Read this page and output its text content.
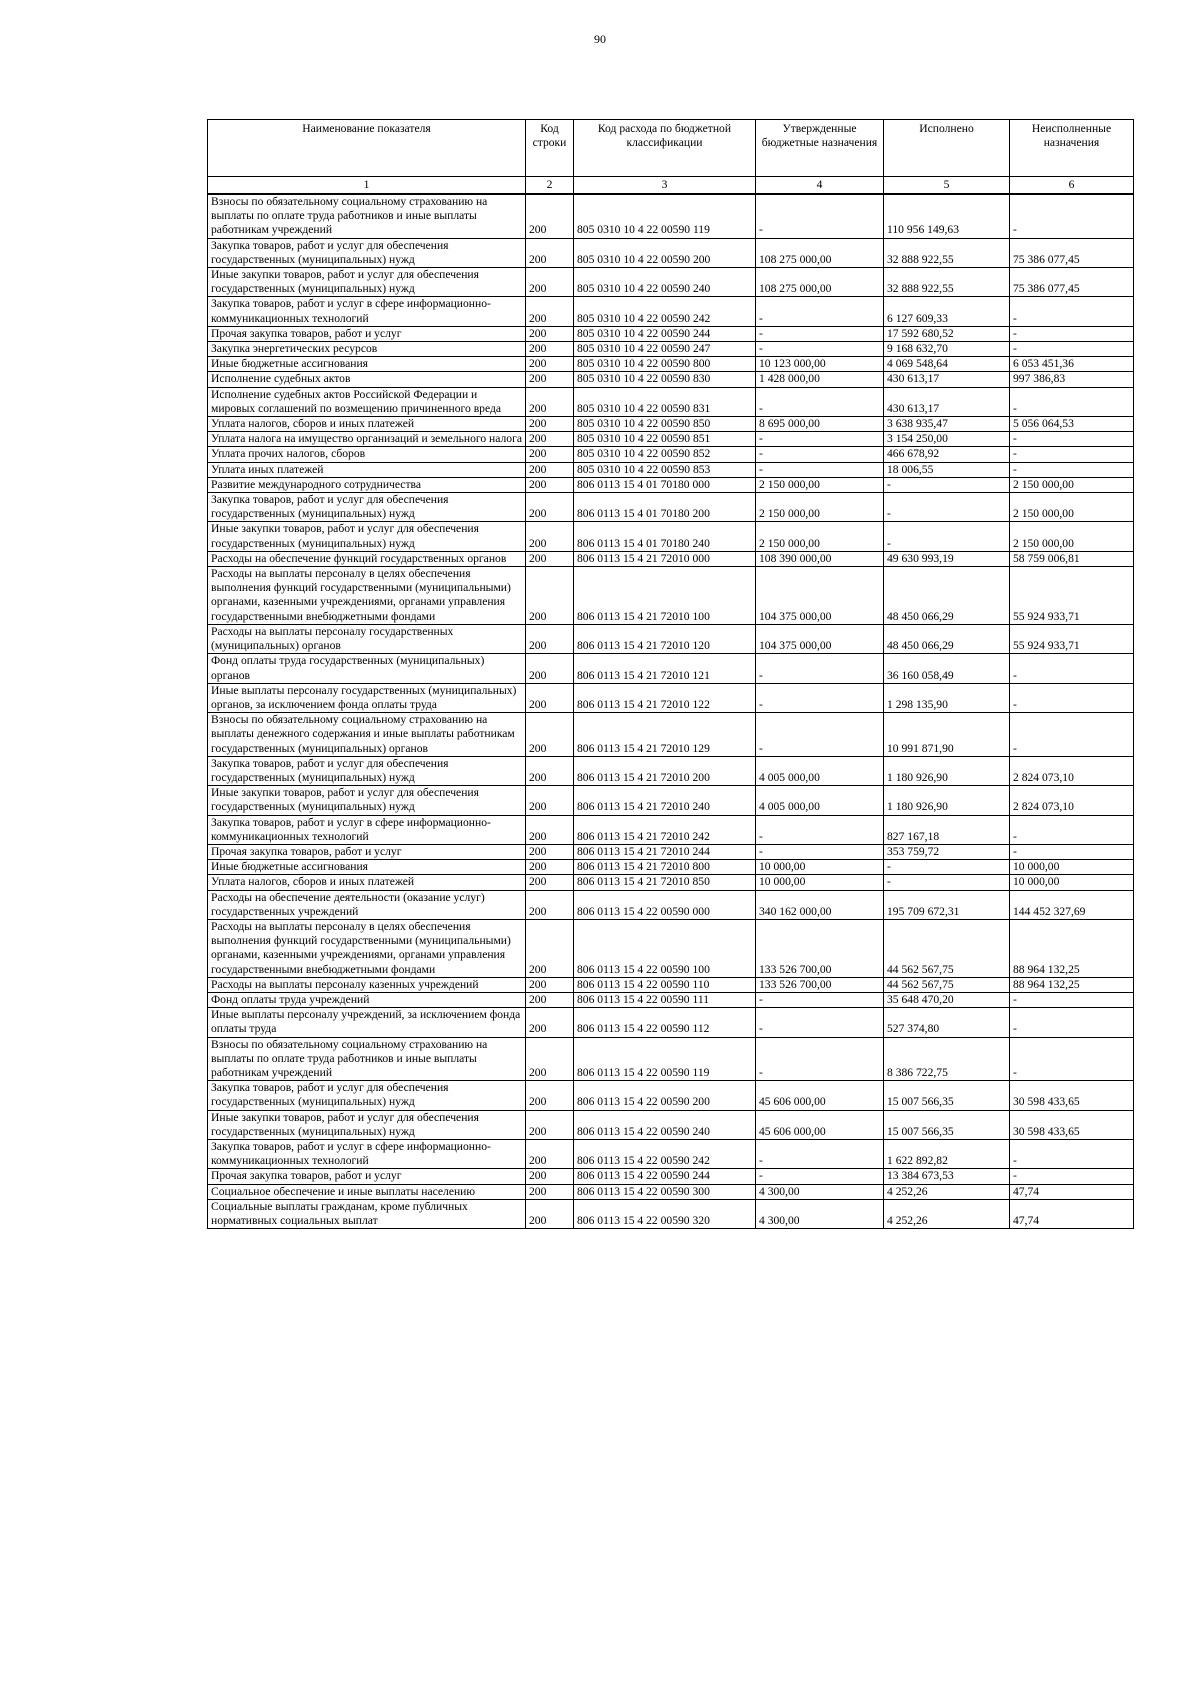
90
Наименование показателя	Код строки	Код расхода по бюджетной классификации	Утвержденные бюджетные назначения	Исполнено	Неисполненные назначения
1	2	3	4	5	6
Взносы по обязательному социальному страхованию на выплаты по оплате труда работников и иные выплаты работникам учреждений	200	805 0310 10 4 22 00590 119	-	110 956 149,63	-
Закупка товаров, работ и услуг для обеспечения государственных (муниципальных) нужд	200	805 0310 10 4 22 00590 200	108 275 000,00	32 888 922,55	75 386 077,45
Иные закупки товаров, работ и услуг для обеспечения государственных (муниципальных) нужд	200	805 0310 10 4 22 00590 240	108 275 000,00	32 888 922,55	75 386 077,45
Закупка товаров, работ и услуг в сфере информационно-коммуникационных технологий	200	805 0310 10 4 22 00590 242	-	6 127 609,33	-
Прочая закупка товаров, работ и услуг	200	805 0310 10 4 22 00590 244	-	17 592 680,52	-
Закупка энергетических ресурсов	200	805 0310 10 4 22 00590 247	-	9 168 632,70	-
Иные бюджетные ассигнования	200	805 0310 10 4 22 00590 800	10 123 000,00	4 069 548,64	6 053 451,36
Исполнение судебных актов	200	805 0310 10 4 22 00590 830	1 428 000,00	430 613,17	997 386,83
Исполнение судебных актов Российской Федерации и мировых соглашений по возмещению причиненного вреда	200	805 0310 10 4 22 00590 831	-	430 613,17	-
Уплата налогов, сборов и иных платежей	200	805 0310 10 4 22 00590 850	8 695 000,00	3 638 935,47	5 056 064,53
Уплата налога на имущество организаций и земельного налога	200	805 0310 10 4 22 00590 851	-	3 154 250,00	-
Уплата прочих налогов, сборов	200	805 0310 10 4 22 00590 852	-	466 678,92	-
Уплата иных платежей	200	805 0310 10 4 22 00590 853	-	18 006,55	-
Развитие международного сотрудничества	200	806 0113 15 4 01 70180 000	2 150 000,00	-	2 150 000,00
Закупка товаров, работ и услуг для обеспечения государственных (муниципальных) нужд	200	806 0113 15 4 01 70180 200	2 150 000,00	-	2 150 000,00
Иные закупки товаров, работ и услуг для обеспечения государственных (муниципальных) нужд	200	806 0113 15 4 01 70180 240	2 150 000,00	-	2 150 000,00
Расходы на обеспечение функций государственных органов	200	806 0113 15 4 21 72010 000	108 390 000,00	49 630 993,19	58 759 006,81
Расходы на выплаты персоналу в целях обеспечения выполнения функций государственными (муниципальными) органами, казенными учреждениями, органами управления государственными внебюджетными фондами	200	806 0113 15 4 21 72010 100	104 375 000,00	48 450 066,29	55 924 933,71
Расходы на выплаты персоналу государственных (муниципальных) органов	200	806 0113 15 4 21 72010 120	104 375 000,00	48 450 066,29	55 924 933,71
Фонд оплаты труда государственных (муниципальных) органов	200	806 0113 15 4 21 72010 121	-	36 160 058,49	-
Иные выплаты персоналу государственных (муниципальных) органов, за исключением фонда оплаты труда	200	806 0113 15 4 21 72010 122	-	1 298 135,90	-
Взносы по обязательному социальному страхованию на выплаты денежного содержания и иные выплаты работникам государственных (муниципальных) органов	200	806 0113 15 4 21 72010 129	-	10 991 871,90	-
Закупка товаров, работ и услуг для обеспечения государственных (муниципальных) нужд	200	806 0113 15 4 21 72010 200	4 005 000,00	1 180 926,90	2 824 073,10
Иные закупки товаров, работ и услуг для обеспечения государственных (муниципальных) нужд	200	806 0113 15 4 21 72010 240	4 005 000,00	1 180 926,90	2 824 073,10
Закупка товаров, работ и услуг в сфере информационно-коммуникационных технологий	200	806 0113 15 4 21 72010 242	-	827 167,18	-
Прочая закупка товаров, работ и услуг	200	806 0113 15 4 21 72010 244	-	353 759,72	-
Иные бюджетные ассигнования	200	806 0113 15 4 21 72010 800	10 000,00	-	10 000,00
Уплата налогов, сборов и иных платежей	200	806 0113 15 4 21 72010 850	10 000,00	-	10 000,00
Расходы на обеспечение деятельности (оказание услуг) государственных учреждений	200	806 0113 15 4 22 00590 000	340 162 000,00	195 709 672,31	144 452 327,69
Расходы на выплаты персоналу в целях обеспечения выполнения функций государственными (муниципальными) органами, казенными учреждениями, органами управления государственными внебюджетными фондами	200	806 0113 15 4 22 00590 100	133 526 700,00	44 562 567,75	88 964 132,25
Расходы на выплаты персоналу казенных учреждений	200	806 0113 15 4 22 00590 110	133 526 700,00	44 562 567,75	88 964 132,25
Фонд оплаты труда учреждений	200	806 0113 15 4 22 00590 111	-	35 648 470,20	-
Иные выплаты персоналу учреждений, за исключением фонда оплаты труда	200	806 0113 15 4 22 00590 112	-	527 374,80	-
Взносы по обязательному социальному страхованию на выплаты по оплате труда работников и иные выплаты работникам учреждений	200	806 0113 15 4 22 00590 119	-	8 386 722,75	-
Закупка товаров, работ и услуг для обеспечения государственных (муниципальных) нужд	200	806 0113 15 4 22 00590 200	45 606 000,00	15 007 566,35	30 598 433,65
Иные закупки товаров, работ и услуг для обеспечения государственных (муниципальных) нужд	200	806 0113 15 4 22 00590 240	45 606 000,00	15 007 566,35	30 598 433,65
Закупка товаров, работ и услуг в сфере информационно-коммуникационных технологий	200	806 0113 15 4 22 00590 242	-	1 622 892,82	-
Прочая закупка товаров, работ и услуг	200	806 0113 15 4 22 00590 244	-	13 384 673,53	-
Социальное обеспечение и иные выплаты населению	200	806 0113 15 4 22 00590 300	4 300,00	4 252,26	47,74
Социальные выплаты гражданам, кроме публичных нормативных социальных выплат	200	806 0113 15 4 22 00590 320	4 300,00	4 252,26	47,74
